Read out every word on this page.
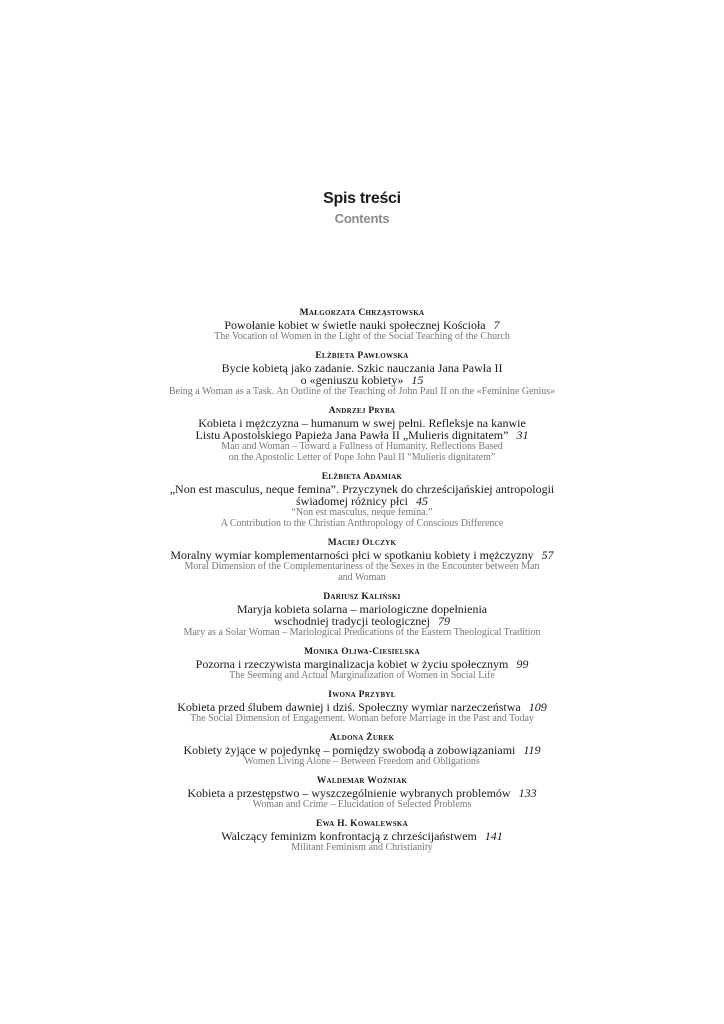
Spis treści
Contents
Małgorzata Chrząstowska
Powołanie kobiet w świetle nauki społecznej Kościoła 7
The Vocation of Women in the Light of the Social Teaching of the Church
Elżbieta Pawłowska
Bycie kobietą jako zadanie. Szkic nauczania Jana Pawła II
o «geniuszu kobiety» 15
Being a Woman as a Task. An Outline of the Teaching of John Paul II on the «Feminine Genius»
Andrzej Pryba
Kobieta i mężczyzna – humanum w swej pełni. Refleksje na kanwie
Listu Apostolskiego Papieża Jana Pawła II „Mulieris dignitatem” 31
Man and Woman – Toward a Fullness of Humanity. Reflections Based
on the Apostolic Letter of Pope John Paul II “Mulieris dignitatem”
Elżbieta Adamiak
„Non est masculus, neque femina”. Przyczynek do chrześcijańskiej antropologii
świadomej różnicy płci 45
“Non est masculus, neque femina.”
A Contribution to the Christian Anthropology of Conscious Difference
Maciej Olczyk
Moralny wymiar komplementarności płci w spotkaniu kobiety i mężczyzny 57
Moral Dimension of the Complementariness of the Sexes in the Encounter between Man
and Woman
Dariusz Kaliński
Maryja kobieta solarna – mariologiczne dopełnienia
wschodniej tradycji teologicznej 79
Mary as a Solar Woman – Mariological Predications of the Eastern Theological Tradition
Monika Oliwa-Ciesielska
Pozorna i rzeczywista marginalizacja kobiet w życiu społecznym 99
The Seeming and Actual Marginalization of Women in Social Life
Iwona Przybył
Kobieta przed ślubem dawniej i dziś. Społeczny wymiar narzeczeństwa 109
The Social Dimension of Engagement. Woman before Marriage in the Past and Today
Aldona Żurek
Kobiety żyjące w pojedynkę – pomiędzy swobodą a zobowiązaniami 119
Women Living Alone – Between Freedom and Obligations
Waldemar Woźniak
Kobieta a przestępstwo – wyszczególnienie wybranych problemów 133
Woman and Crime – Elucidation of Selected Problems
Ewa H. Kowalewska
Walczący feminizm konfrontacją z chrześcijaństwem 141
Militant Feminism and Christianity
